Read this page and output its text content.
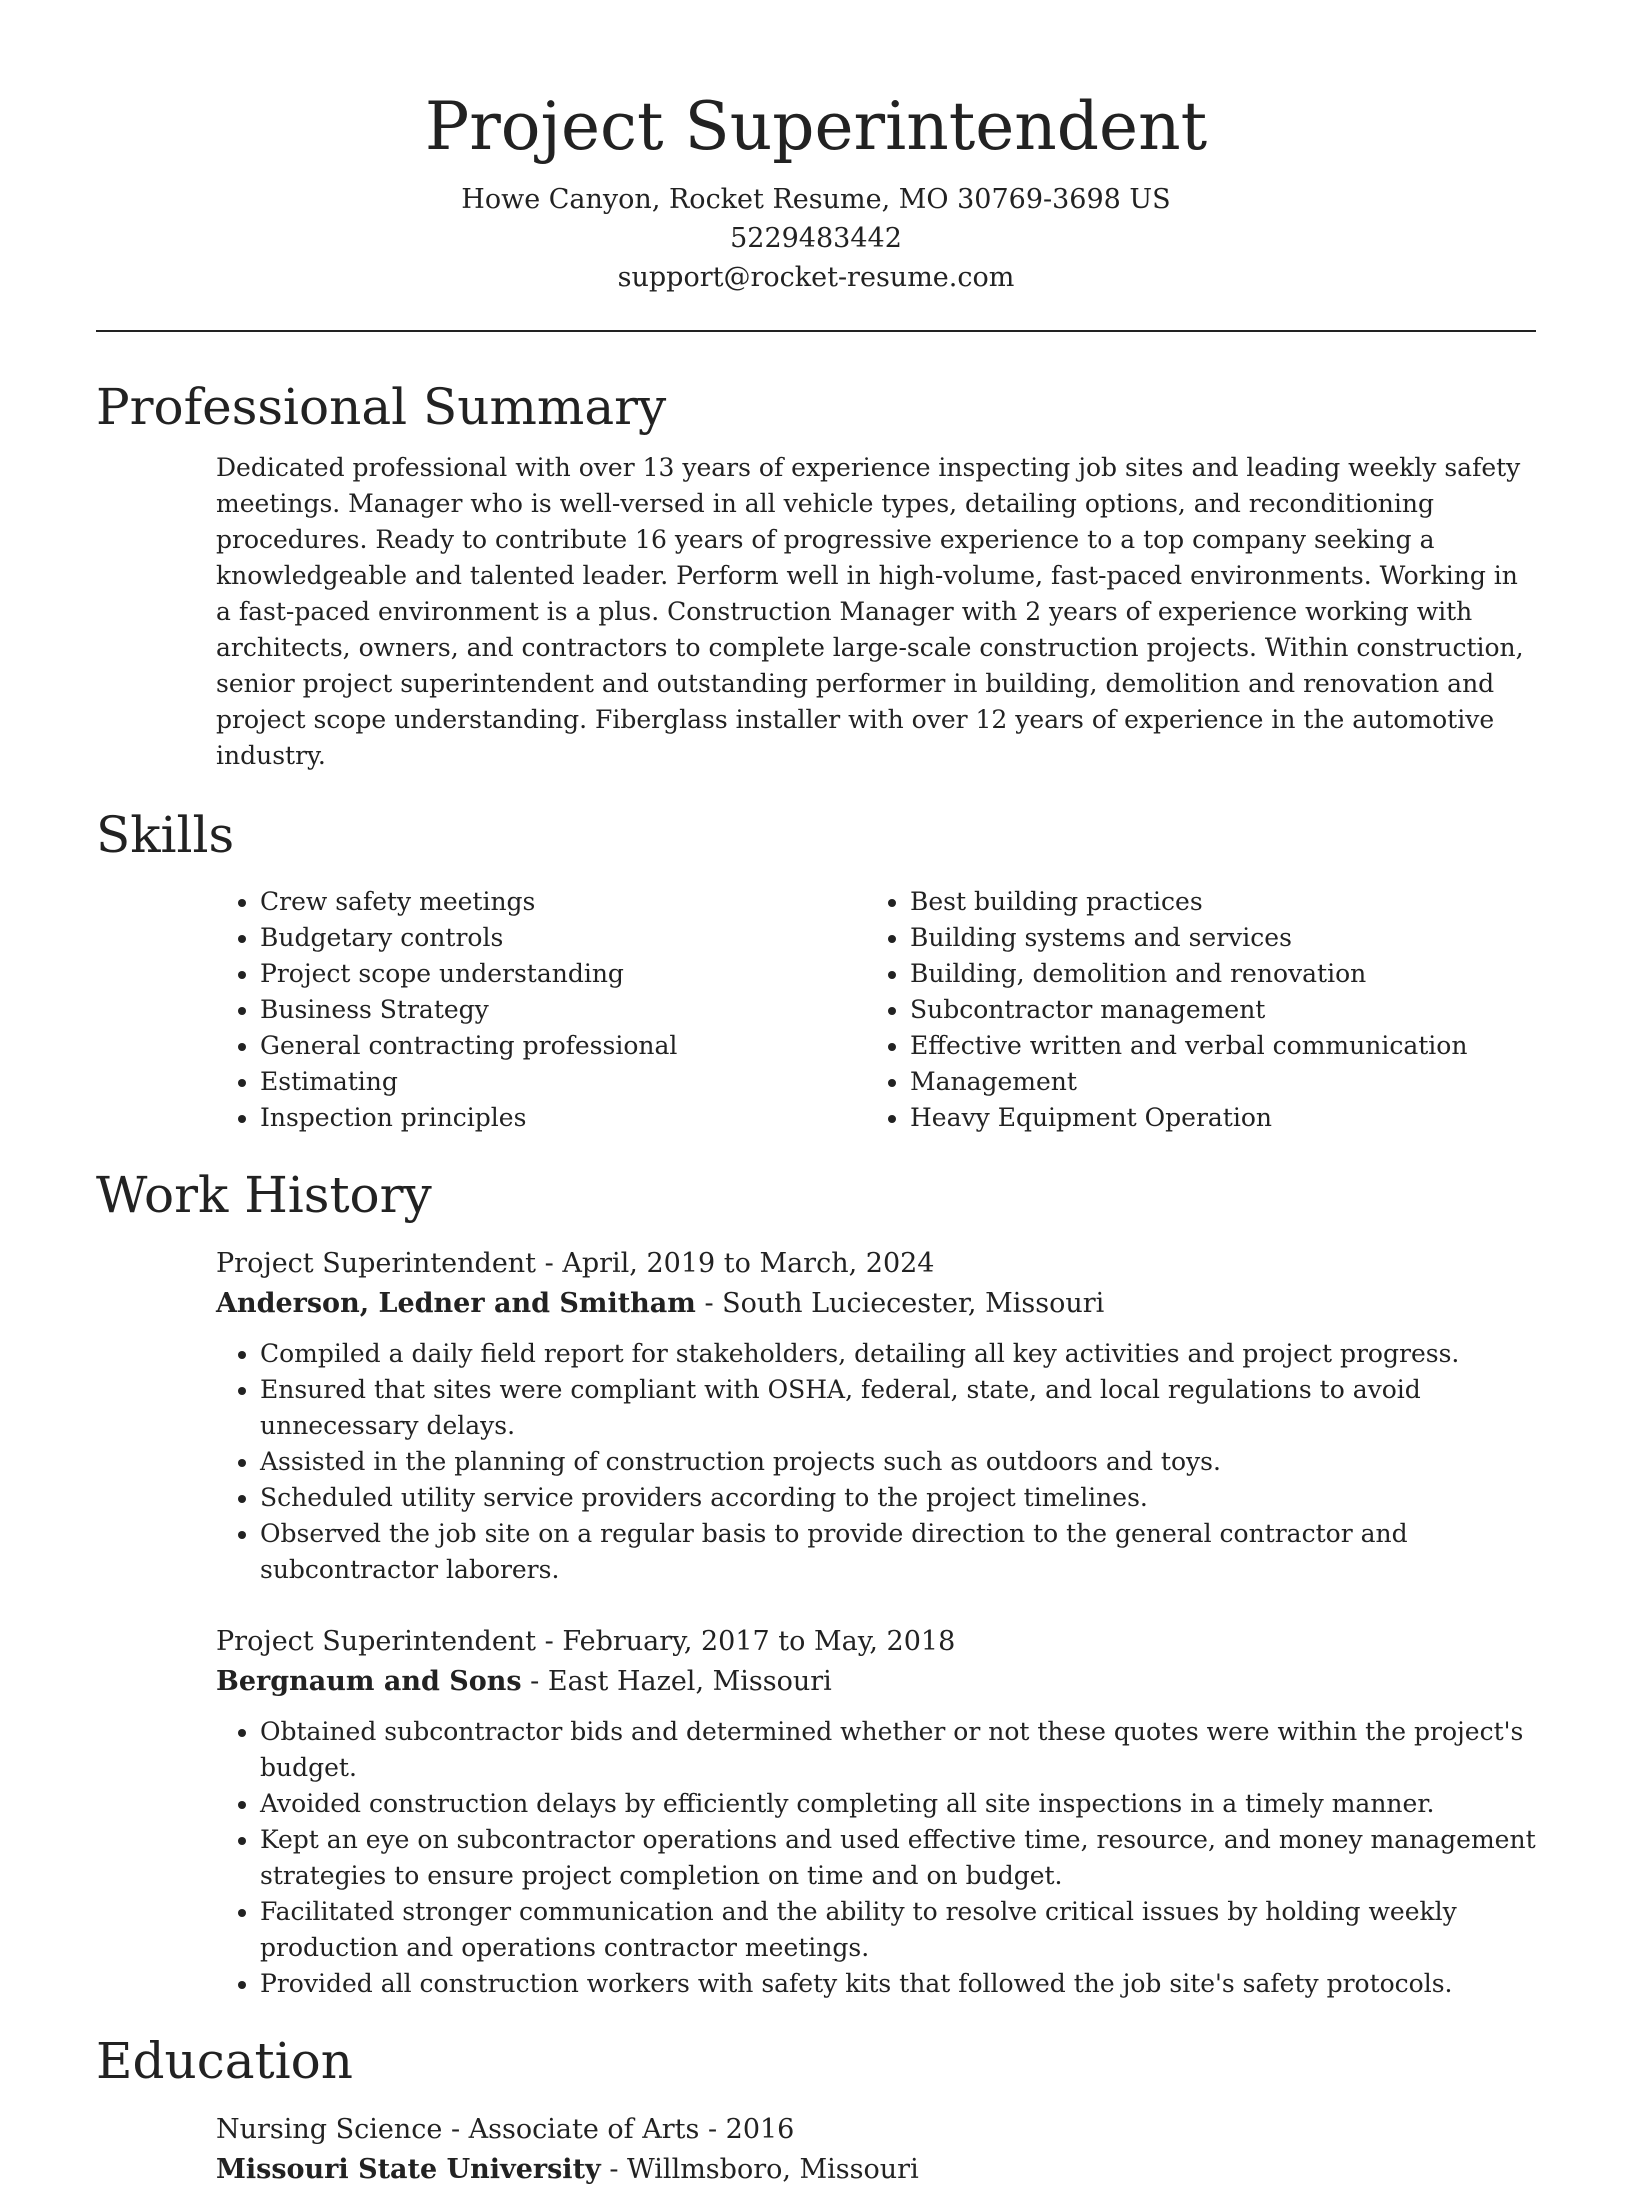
Project Superintendent

Howe Canyon, Rocket Resume, MO 30769-3698 US

5229483442

support@rocket-resume.com

Professional Summary

Dedicated professional with over 13 years of experience inspecting job sites and leading weekly safety meetings. Manager who is well-versed in all vehicle types, detailing options, and reconditioning procedures. Ready to contribute 16 years of progressive experience to a top company seeking a knowledgeable and talented leader. Perform well in high-volume, fast-paced environments. Working in a fast-paced environment is a plus. Construction Manager with 2 years of experience working with architects, owners, and contractors to complete large-scale construction projects. Within construction, senior project superintendent and outstanding performer in building, demolition and renovation and project scope understanding. Fiberglass installer with over 12 years of experience in the automotive industry.

Skills
• Crew safety meetings
• Budgetary controls
• Project scope understanding
• Business Strategy
• General contracting professional
• Estimating
• Inspection principles
• Best building practices
• Building systems and services
• Building, demolition and renovation
• Subcontractor management
• Effective written and verbal communication
• Management
• Heavy Equipment Operation
Work History

Project Superintendent - April, 2019 to March, 2024

Anderson, Ledner and Smitham - South Luciecester, Missouri

• Compiled a daily field report for stakeholders, detailing all key activities and project progress.
• Ensured that sites were compliant with OSHA, federal, state, and local regulations to avoid unnecessary delays.
• Assisted in the planning of construction projects such as outdoors and toys.
• Scheduled utility service providers according to the project timelines.
• Observed the job site on a regular basis to provide direction to the general contractor and subcontractor laborers.

Project Superintendent - February, 2017 to May, 2018

Bergnaum and Sons - East Hazel, Missouri

• Obtained subcontractor bids and determined whether or not these quotes were within the project's budget.
• Avoided construction delays by efficiently completing all site inspections in a timely manner.
• Kept an eye on subcontractor operations and used effective time, resource, and money management strategies to ensure project completion on time and on budget.
• Facilitated stronger communication and the ability to resolve critical issues by holding weekly production and operations contractor meetings.
• Provided all construction workers with safety kits that followed the job site's safety protocols.
Education

Nursing Science - Associate of Arts - 2016

Missouri State University - Willmsboro, Missouri
